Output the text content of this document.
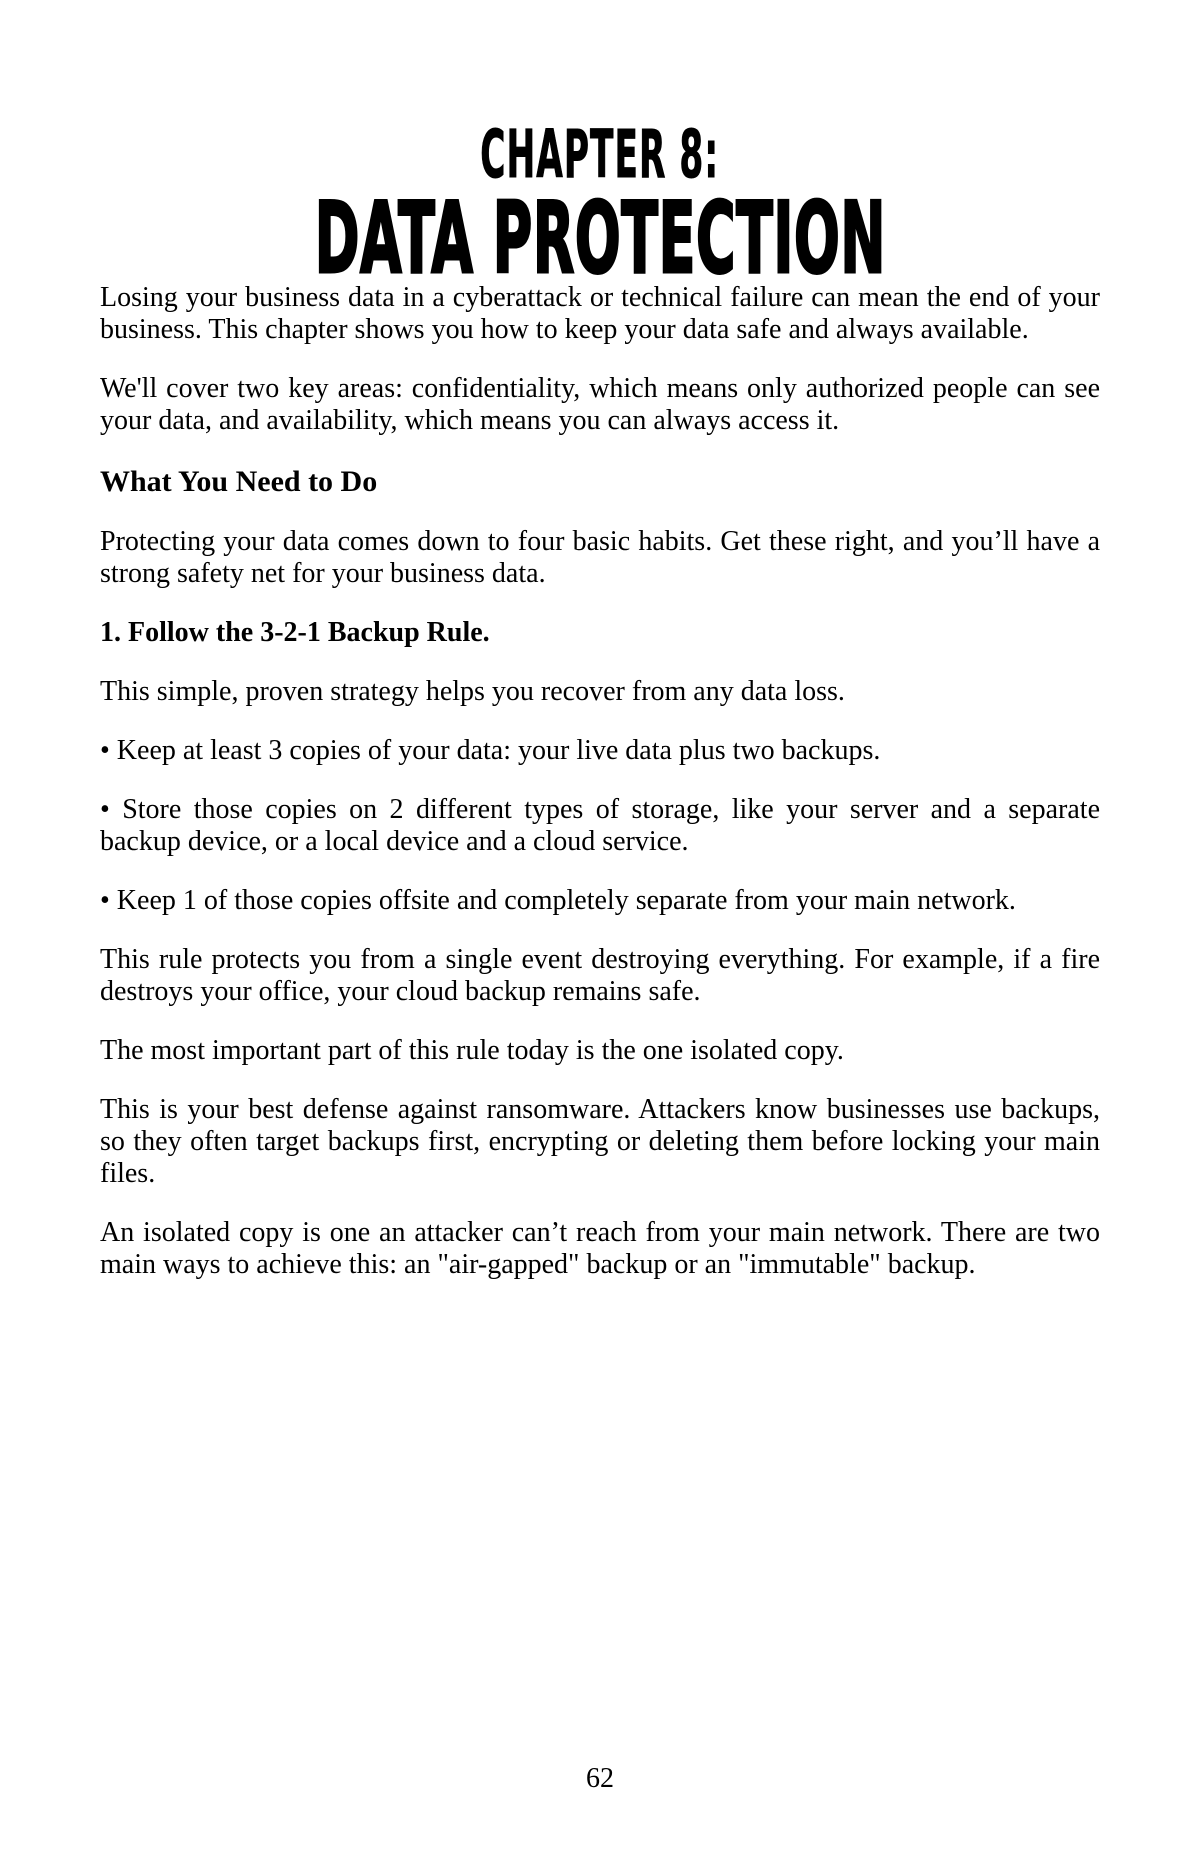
CHAPTER 8:
DATA PROTECTION

Losing your business data in a cyberattack or technical failure can mean the end of your business. This chapter shows you how to keep your data safe and always available.

We'll cover two key areas: confidentiality, which means only authorized people can see your data, and availability, which means you can always access it.

What You Need to Do

Protecting your data comes down to four basic habits. Get these right, and you’ll have a strong safety net for your business data.

1. Follow the 3-2-1 Backup Rule.

This simple, proven strategy helps you recover from any data loss.

• Keep at least 3 copies of your data: your live data plus two backups.

• Store those copies on 2 different types of storage, like your server and a separate backup device, or a local device and a cloud service.

• Keep 1 of those copies offsite and completely separate from your main network.

This rule protects you from a single event destroying everything. For example, if a fire destroys your office, your cloud backup remains safe.

The most important part of this rule today is the one isolated copy.

This is your best defense against ransomware. Attackers know businesses use backups, so they often target backups first, encrypting or deleting them before locking your main files.

An isolated copy is one an attacker can’t reach from your main network. There are two main ways to achieve this: an "air-gapped" backup or an "immutable" backup.

62
